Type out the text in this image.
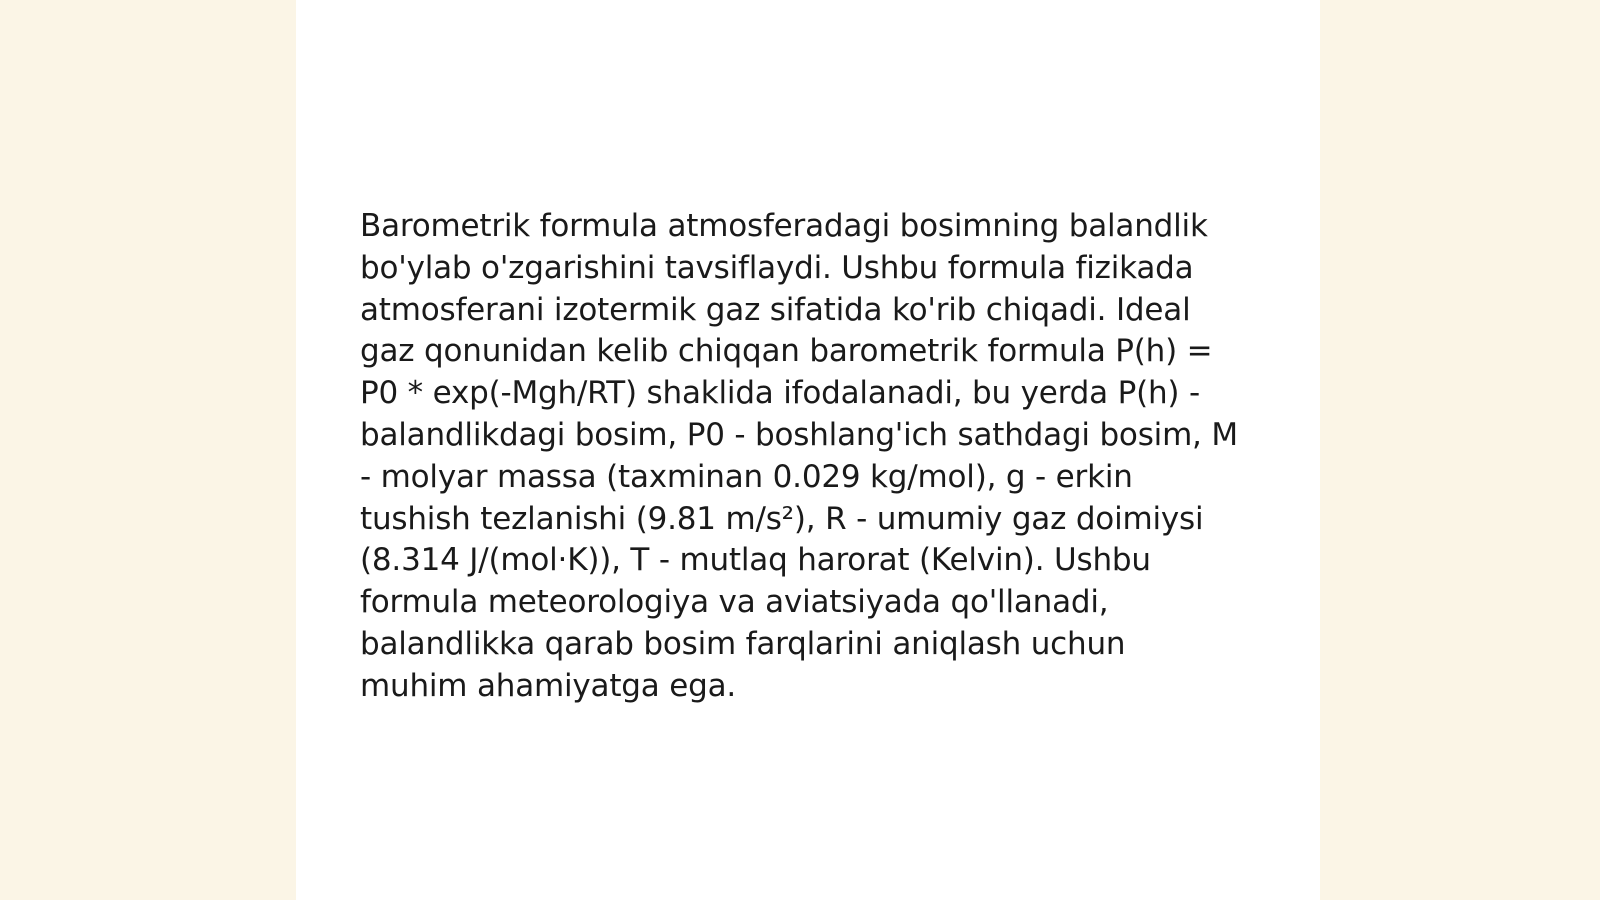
Barometrik formula atmosferadagi bosimning balandlik bo'ylab o'zgarishini tavsiflaydi. Ushbu formula fizikada atmosferani izotermik gaz sifatida ko'rib chiqadi. Ideal gaz qonunidan kelib chiqqan barometrik formula P(h) = P0 * exp(-Mgh/RT) shaklida ifodalanadi, bu yerda P(h) - balandlikdagi bosim, P0 - boshlang'ich sathdagi bosim, M - molyar massa (taxminan 0.029 kg/mol), g - erkin tushish tezlanishi (9.81 m/s²), R - umumiy gaz doimiysi (8.314 J/(mol·K)), T - mutlaq harorat (Kelvin). Ushbu formula meteorologiya va aviatsiyada qo'llanadi, balandlikka qarab bosim farqlarini aniqlash uchun muhim ahamiyatga ega.
